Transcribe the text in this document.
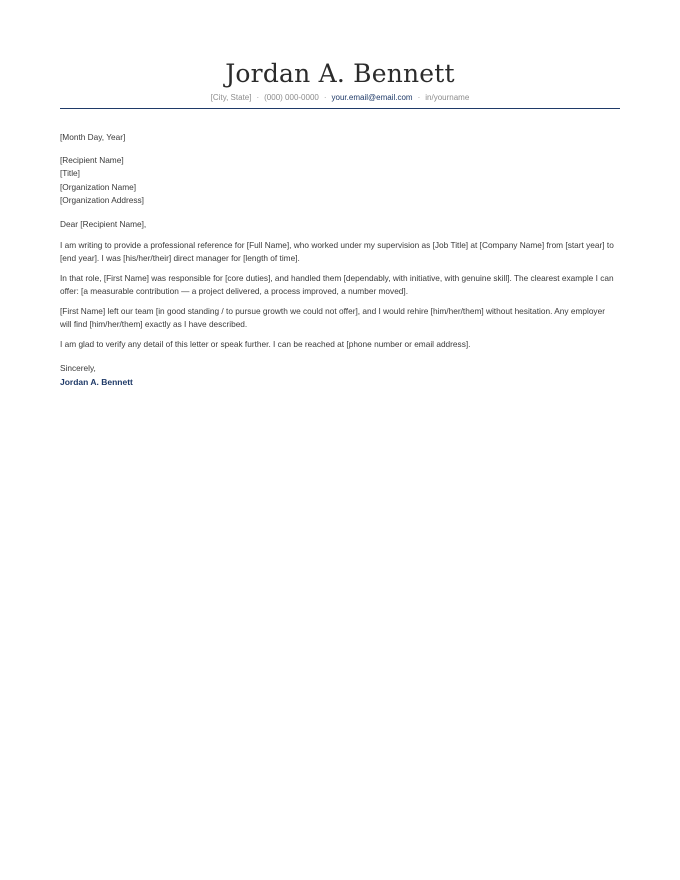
Jordan A. Bennett
[City, State] · (000) 000-0000 · your.email@email.com · in/yourname
[Month Day, Year]
[Recipient Name]
[Title]
[Organization Name]
[Organization Address]
Dear [Recipient Name],
I am writing to provide a professional reference for [Full Name], who worked under my supervision as [Job Title] at [Company Name] from [start year] to [end year]. I was [his/her/their] direct manager for [length of time].
In that role, [First Name] was responsible for [core duties], and handled them [dependably, with initiative, with genuine skill]. The clearest example I can offer: [a measurable contribution — a project delivered, a process improved, a number moved].
[First Name] left our team [in good standing / to pursue growth we could not offer], and I would rehire [him/her/them] without hesitation. Any employer will find [him/her/them] exactly as I have described.
I am glad to verify any detail of this letter or speak further. I can be reached at [phone number or email address].
Sincerely,
Jordan A. Bennett
